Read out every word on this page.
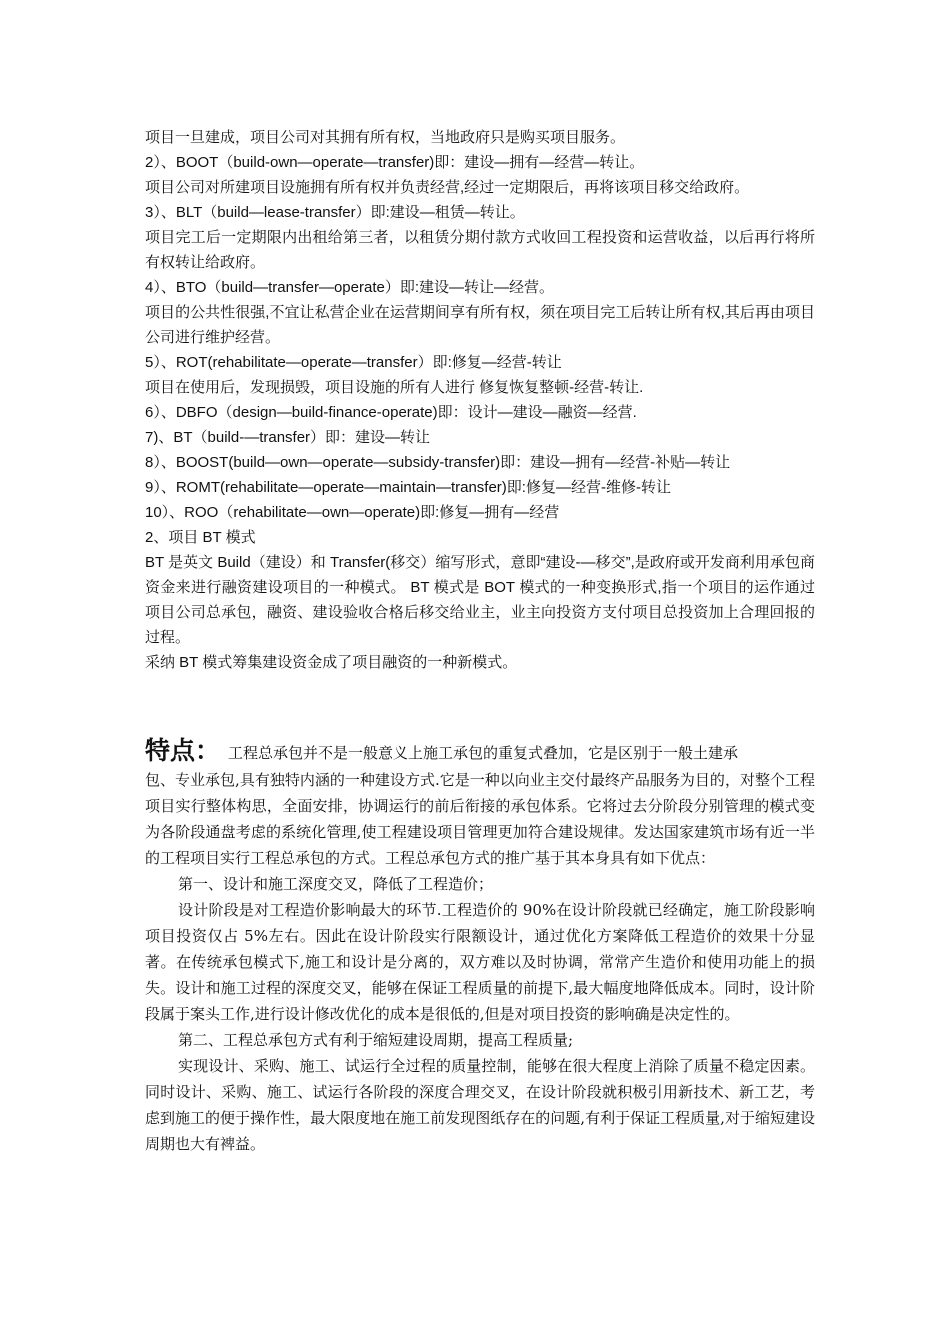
项目一旦建成，项目公司对其拥有所有权，当地政府只是购买项目服务。

2）、BOOT（build-own—operate—transfer)即：建设—拥有—经营—转让。

项目公司对所建项目设施拥有所有权并负责经营,经过一定期限后，再将该项目移交给政府。

3）、BLT（build—lease-transfer）即:建设—租赁—转让。

项目完工后一定期限内出租给第三者，以租赁分期付款方式收回工程投资和运营收益，以后再行将所有权转让给政府。

4）、BTO（build—transfer—operate）即:建设—转让—经营。

项目的公共性很强,不宜让私营企业在运营期间享有所有权，须在项目完工后转让所有权,其后再由项目公司进行维护经营。

5）、ROT(rehabilitate—operate—transfer）即:修复—经营-转让

项目在使用后，发现损毁，项目设施的所有人进行 修复恢复整顿-经营-转让.

6）、DBFO（design—build-finance-operate)即：设计—建设—融资—经营.

7)、BT（build-—transfer）即：建设—转让

8）、BOOST(build—own—operate—subsidy-transfer)即：建设—拥有—经营-补贴—转让

9）、ROMT(rehabilitate—operate—maintain—transfer)即:修复—经营-维修-转让

10）、ROO（rehabilitate—own—operate)即:修复—拥有—经营

2、项目 BT 模式

BT 是英文 Build（建设）和 Transfer(移交）缩写形式，意即“建设-—移交”,是政府或开发商利用承包商资金来进行融资建设项目的一种模式。 BT 模式是 BOT 模式的一种变换形式,指一个项目的运作通过项目公司总承包，融资、建设验收合格后移交给业主，业主向投资方支付项目总投资加上合理回报的过程。

采纳 BT 模式筹集建设资金成了项目融资的一种新模式。

特点： 工程总承包并不是一般意义上施工承包的重复式叠加，它是区别于一般土建承

包、专业承包,具有独特内涵的一种建设方式.它是一种以向业主交付最终产品服务为目的，对整个工程项目实行整体构思，全面安排，协调运行的前后衔接的承包体系。它将过去分阶段分别管理的模式变为各阶段通盘考虑的系统化管理,使工程建设项目管理更加符合建设规律。发达国家建筑市场有近一半的工程项目实行工程总承包的方式。工程总承包方式的推广基于其本身具有如下优点：

第一、设计和施工深度交叉，降低了工程造价；

设计阶段是对工程造价影响最大的环节.工程造价的 90%在设计阶段就已经确定，施工阶段影响项目投资仅占 5%左右。因此在设计阶段实行限额设计，通过优化方案降低工程造价的效果十分显著。在传统承包模式下,施工和设计是分离的，双方难以及时协调，常常产生造价和使用功能上的损失。设计和施工过程的深度交叉，能够在保证工程质量的前提下,最大幅度地降低成本。同时，设计阶段属于案头工作,进行设计修改优化的成本是很低的,但是对项目投资的影响确是决定性的。

第二、工程总承包方式有利于缩短建设周期，提高工程质量;

实现设计、采购、施工、试运行全过程的质量控制，能够在很大程度上消除了质量不稳定因素。同时设计、采购、施工、试运行各阶段的深度合理交叉，在设计阶段就积极引用新技术、新工艺，考虑到施工的便于操作性，最大限度地在施工前发现图纸存在的问题,有利于保证工程质量,对于缩短建设周期也大有裨益。
